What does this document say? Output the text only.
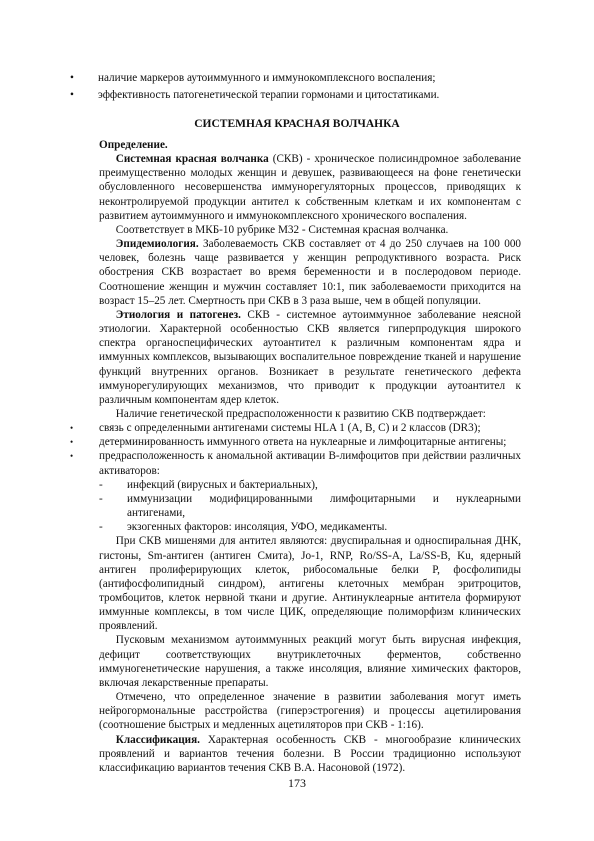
• наличие маркеров аутоиммунного и иммунокомплексного воспаления;
• эффективность патогенетической терапии гормонами и цитостатиками.
СИСТЕМНАЯ КРАСНАЯ ВОЛЧАНКА

Определение.

  Системная красная волчанка (СКВ) - хроническое полисиндромное заболевание преимущественно молодых женщин и девушек, развивающееся на фоне генетически обусловленного несовершенства иммунорегуляторных процессов, приводящих к неконтролируемой продукции антител к собственным клеткам и их компонентам с развитием аутоиммунного и иммунокомплексного хронического воспаления.

  Соответствует в МКБ-10 рубрике М32 - Системная красная волчанка.

  Эпидемиология. Заболеваемость СКВ составляет от 4 до 250 случаев на 100 000 человек, болезнь чаще развивается у женщин репродуктивного возраста. Риск обострения СКВ возрастает во время беременности и в послеродовом периоде. Соотношение женщин и мужчин составляет 10:1, пик заболеваемости приходится на возраст 15–25 лет. Смертность при СКВ в 3 раза выше, чем в общей популяции.

  Этиология и патогенез. СКВ - системное аутоиммунное заболевание неясной этиологии. Характерной особенностью СКВ является гиперпродукция широкого спектра органоспецифических аутоантител к различным компонентам ядра и иммунных комплексов, вызывающих воспалительное повреждение тканей и нарушение функций внутренних органов. Возникает в результате генетического дефекта иммунорегулирующих механизмов, что приводит к продукции аутоантител к различным компонентам ядер клеток.

  Наличие генетической предрасположенности к развитию СКВ подтверждает:

• связь с определенными антигенами системы HLA 1 (А, В, С) и 2 классов (DR3);

• детерминированность иммунного ответа на нуклеарные и лимфоцитарные антигены;

• предрасположенность к аномальной активации В-лимфоцитов при действии различных активаторов:

- инфекций (вирусных и бактериальных),

- иммунизации модифицированными лимфоцитарными и нуклеарными антигенами,

- экзогенных факторов: инсоляция, УФО, медикаменты.

  При СКВ мишенями для антител являются: двуспиральная и односпиральная ДНК, гистоны, Sm-антиген (антиген Смита), Jo-1, RNP, Ro/SS-A, La/SS-B, Ku, ядерный антиген пролиферирующих клеток, рибосомальные белки Р, фосфолипиды (антифосфолипидный синдром), антигены клеточных мембран эритроцитов, тромбоцитов, клеток нервной ткани и другие. Антинуклеарные антитела формируют иммунные комплексы, в том числе ЦИК, определяющие полиморфизм клинических проявлений.

  Пусковым механизмом аутоиммунных реакций могут быть вирусная инфекция, дефицит соответствующих внутриклеточных ферментов, собственно иммуногенетические нарушения, а также инсоляция, влияние химических факторов, включая лекарственные препараты.

  Отмечено, что определенное значение в развитии заболевания могут иметь нейрогормональные расстройства (гиперэстрогения) и процессы ацетилирования (соотношение быстрых и медленных ацетиляторов при СКВ - 1:16).

  Классификация. Характерная особенность СКВ - многообразие клинических проявлений и вариантов течения болезни. В России традиционно используют классификацию вариантов течения СКВ В.А. Насоновой (1972).

173
